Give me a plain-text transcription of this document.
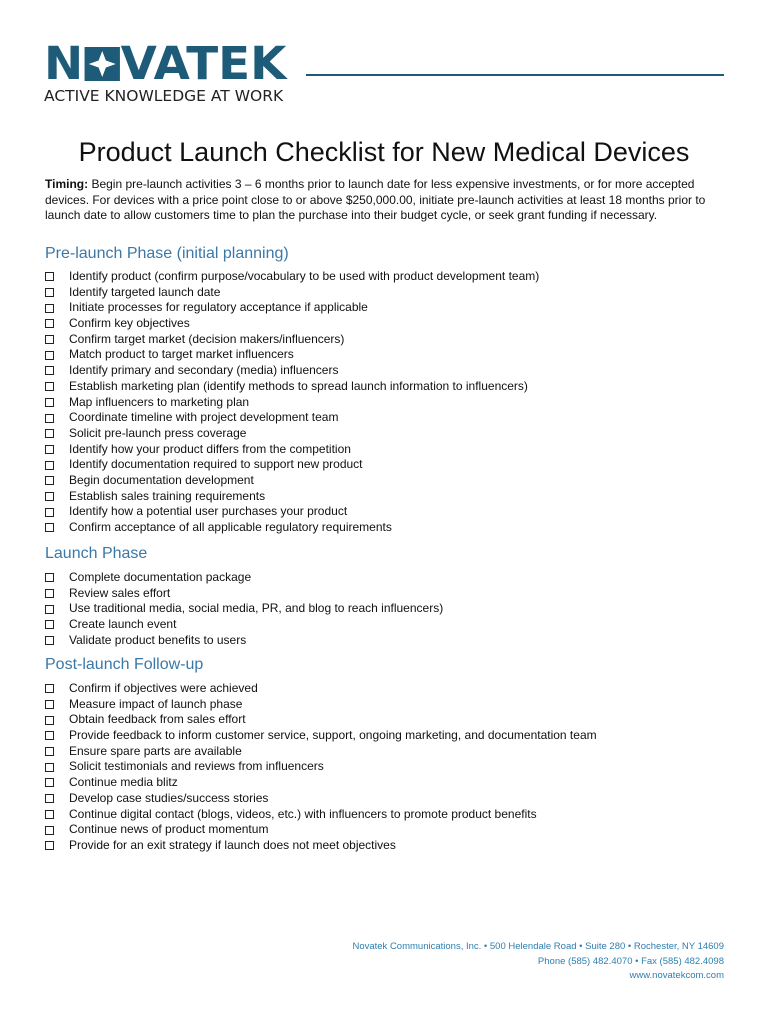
N VATEK
ACTIVE KNOWLEDGE AT WORK
Product Launch Checklist for New Medical Devices
Timing: Begin pre-launch activities 3 – 6 months prior to launch date for less expensive investments, or for more accepted devices. For devices with a price point close to or above $250,000.00, initiate pre-launch activities at least 18 months prior to launch date to allow customers time to plan the purchase into their budget cycle, or seek grant funding if necessary.
Pre-launch Phase (initial planning)
Identify product (confirm purpose/vocabulary to be used with product development team)
Identify targeted launch date
Initiate processes for regulatory acceptance if applicable
Confirm key objectives
Confirm target market (decision makers/influencers)
Match product to target market influencers
Identify primary and secondary (media) influencers
Establish marketing plan (identify methods to spread launch information to influencers)
Map influencers to marketing plan
Coordinate timeline with project development team
Solicit pre-launch press coverage
Identify how your product differs from the competition
Identify documentation required to support new product
Begin documentation development
Establish sales training requirements
Identify how a potential user purchases your product
Confirm acceptance of all applicable regulatory requirements
Launch Phase
Complete documentation package
Review sales effort
Use traditional media, social media, PR, and blog to reach influencers)
Create launch event
Validate product benefits to users
Post-launch Follow-up
Confirm if objectives were achieved
Measure impact of launch phase
Obtain feedback from sales effort
Provide feedback to inform customer service, support, ongoing marketing, and documentation team
Ensure spare parts are available
Solicit testimonials and reviews from influencers
Continue media blitz
Develop case studies/success stories
Continue digital contact (blogs, videos, etc.) with influencers to promote product benefits
Continue news of product momentum
Provide for an exit strategy if launch does not meet objectives
Novatek Communications, Inc. • 500 Helendale Road • Suite 280 • Rochester, NY 14609
Phone (585) 482.4070 • Fax (585) 482.4098
www.novatekcom.com
